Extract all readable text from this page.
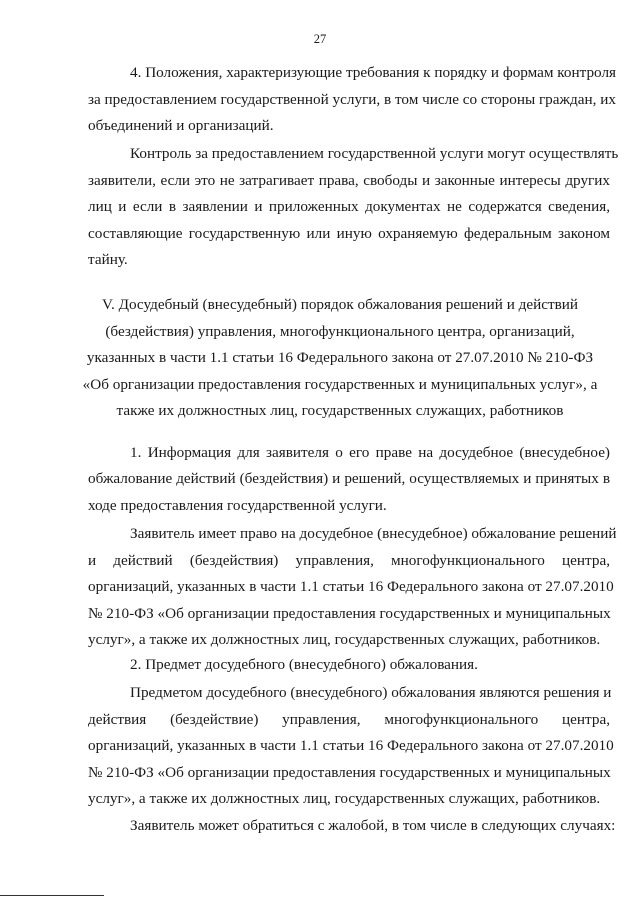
27
4. Положения, характеризующие требования к порядку и формам контроля
за предоставлением государственной услуги, в том числе со стороны граждан, их
объединений и организаций.
Контроль за предоставлением государственной услуги могут осуществлять
заявители, если это не затрагивает права, свободы и законные интересы других
лиц и если в заявлении и приложенных документах не содержатся сведения,
составляющие государственную или иную охраняемую федеральным законом
тайну.
V. Досудебный (внесудебный) порядок обжалования решений и действий
(бездействия) управления, многофункционального центра, организаций,
указанных в части 1.1 статьи 16 Федерального закона от 27.07.2010 № 210-ФЗ
«Об организации предоставления государственных и муниципальных услуг», а
также их должностных лиц, государственных служащих, работников
1. Информация для заявителя о его праве на досудебное (внесудебное)
обжалование действий (бездействия) и решений, осуществляемых и принятых в
ходе предоставления государственной услуги.
Заявитель имеет право на досудебное (внесудебное) обжалование решений
и действий (бездействия) управления, многофункционального центра,
организаций, указанных в части 1.1 статьи 16 Федерального закона от 27.07.2010
№ 210-ФЗ «Об организации предоставления государственных и муниципальных
услуг», а также их должностных лиц, государственных служащих, работников.
2. Предмет досудебного (внесудебного) обжалования.
Предметом досудебного (внесудебного) обжалования являются решения и
действия (бездействие) управления, многофункционального центра,
организаций, указанных в части 1.1 статьи 16 Федерального закона от 27.07.2010
№ 210-ФЗ «Об организации предоставления государственных и муниципальных
услуг», а также их должностных лиц, государственных служащих, работников.
Заявитель может обратиться с жалобой, в том числе в следующих случаях:
